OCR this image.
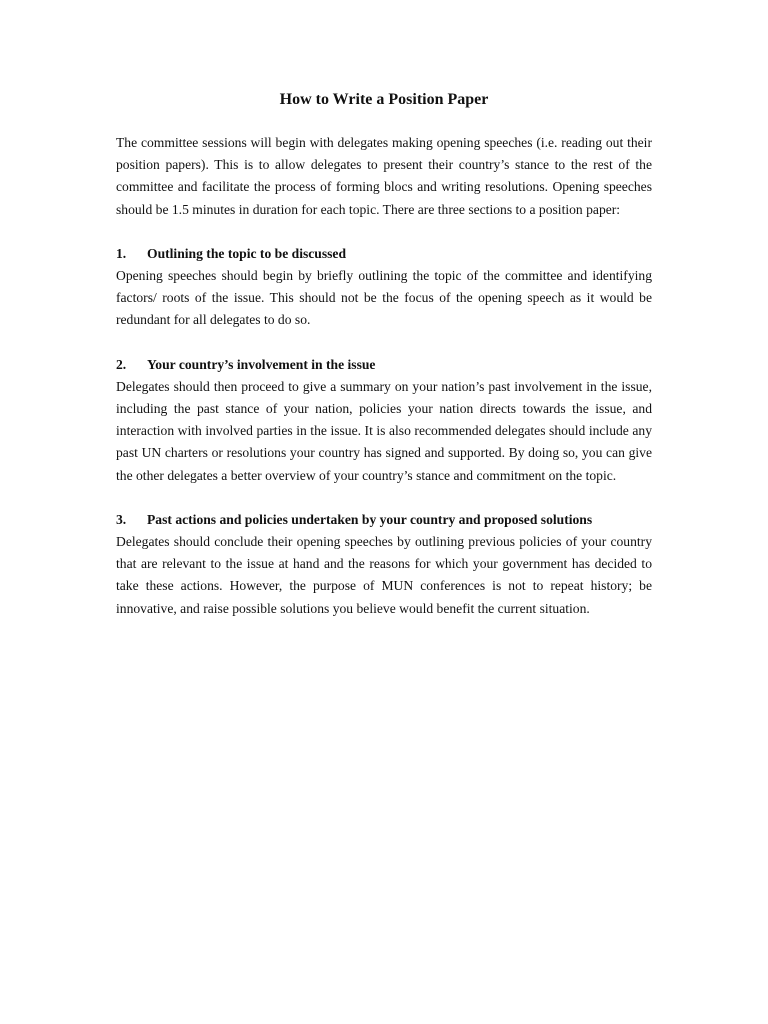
How to Write a Position Paper

The committee sessions will begin with delegates making opening speeches (i.e. reading out their position papers). This is to allow delegates to present their country’s stance to the rest of the committee and facilitate the process of forming blocs and writing resolutions. Opening speeches should be 1.5 minutes in duration for each topic. There are three sections to a position paper:

1.	Outlining the topic to be discussed

Opening speeches should begin by briefly outlining the topic of the committee and identifying factors/ roots of the issue. This should not be the focus of the opening speech as it would be redundant for all delegates to do so.

2.	Your country’s involvement in the issue

Delegates should then proceed to give a summary on your nation’s past involvement in the issue, including the past stance of your nation, policies your nation directs towards the issue, and interaction with involved parties in the issue. It is also recommended delegates should include any past UN charters or resolutions your country has signed and supported. By doing so, you can give the other delegates a better overview of your country’s stance and commitment on the topic.

3.	Past actions and policies undertaken by your country and proposed solutions

Delegates should conclude their opening speeches by outlining previous policies of your country that are relevant to the issue at hand and the reasons for which your government has decided to take these actions. However, the purpose of MUN conferences is not to repeat history; be innovative, and raise possible solutions you believe would benefit the current situation.
